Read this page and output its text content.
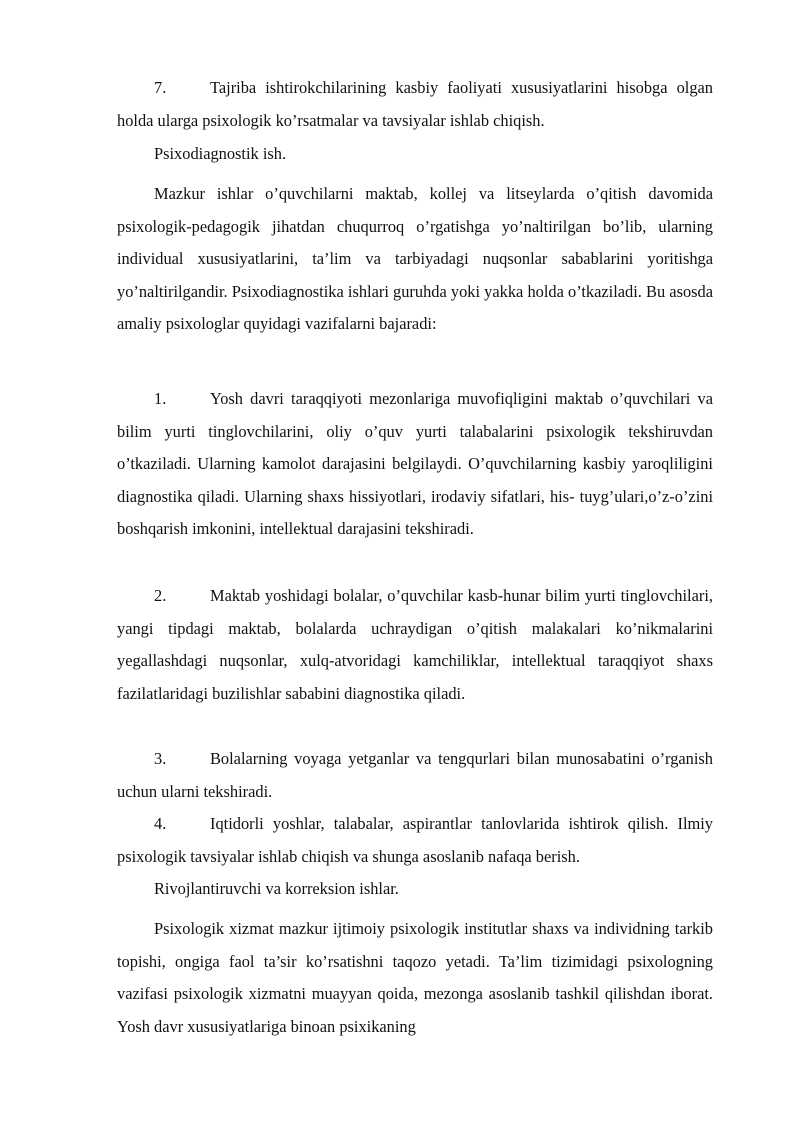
7.	Tajriba ishtirokchilarining kasbiy faoliyati xususiyatlarini hisobga olgan holda ularga psixologik ko’rsatmalar va tavsiyalar ishlab chiqish.

Psixodiagnostik ish.

Mazkur ishlar o’quvchilarni maktab, kollej va litseylarda o’qitish davomida psixologik-pedagogik jihatdan chuqurroq o’rgatishga yo’naltirilgan bo’lib, ularning individual xususiyatlarini, ta’lim va tarbiyadagi nuqsonlar sabablarini yoritishga yo’naltirilgandir. Psixodiagnostika ishlari guruhda yoki yakka holda o’tkaziladi. Bu asosda amaliy psixologlar quyidagi vazifalarni bajaradi:

1.	Yosh davri taraqqiyoti mezonlariga muvofiqligini maktab o’quvchilari va bilim yurti tinglovchilarini, oliy o’quv yurti talabalarini psixologik tekshiruvdan o’tkaziladi. Ularning kamolot darajasini belgilaydi. O’quvchilarning kasbiy yaroqliligini diagnostika qiladi. Ularning shaxs hissiyotlari, irodaviy sifatlari, his- tuyg’ulari,o’z-o’zini boshqarish imkonini, intellektual darajasini tekshiradi.

2.	Maktab yoshidagi bolalar, o’quvchilar kasb-hunar bilim yurti tinglovchilari, yangi tipdagi maktab, bolalarda uchraydigan o’qitish malakalari ko’nikmalarini yegallashdagi nuqsonlar, xulq-atvoridagi kamchiliklar, intellektual taraqqiyot shaxs fazilatlaridagi buzilishlar sababini diagnostika qiladi.

3.	Bolalarning voyaga yetganlar va tengqurlari bilan munosabatini o’rganish uchun ularni tekshiradi.

4.	Iqtidorli yoshlar, talabalar, aspirantlar tanlovlarida ishtirok qilish. Ilmiy psixologik tavsiyalar ishlab chiqish va shunga asoslanib nafaqa berish.

Rivojlantiruvchi va korreksion ishlar.

Psixologik xizmat mazkur ijtimoiy psixologik institutlar shaxs va individning tarkib topishi, ongiga faol ta’sir ko’rsatishni taqozo yetadi. Ta’lim tizimidagi psixologning vazifasi psixologik xizmatni muayyan qoida, mezonga asoslanib tashkil qilishdan iborat. Yosh davr xususiyatlariga binoan psixikaning
